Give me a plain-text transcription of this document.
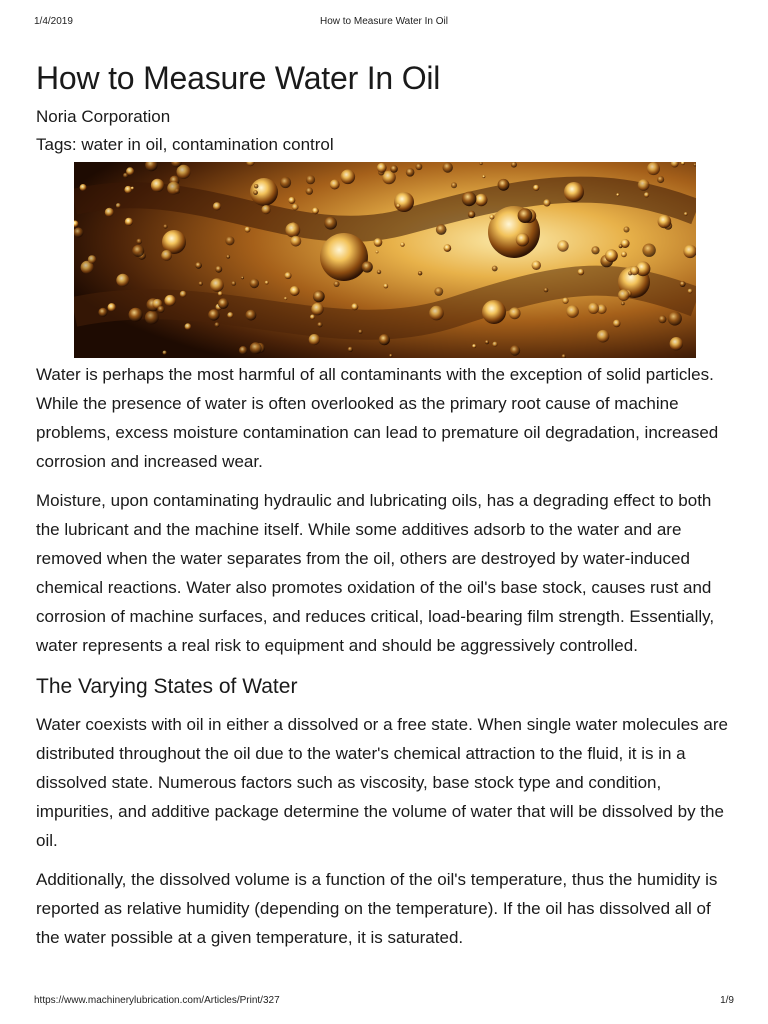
1/4/2019	How to Measure Water In Oil
How to Measure Water In Oil
Noria Corporation
Tags: water in oil, contamination control

Water is perhaps the most harmful of all contaminants with the exception of solid particles. While the presence of water is often overlooked as the primary root cause of machine problems, excess moisture contamination can lead to premature oil degradation, increased corrosion and increased wear.

Moisture, upon contaminating hydraulic and lubricating oils, has a degrading effect to both the lubricant and the machine itself. While some additives adsorb to the water and are removed when the water separates from the oil, others are destroyed by water-induced chemical reactions. Water also promotes oxidation of the oil's base stock, causes rust and corrosion of machine surfaces, and reduces critical, load-bearing film strength. Essentially, water represents a real risk to equipment and should be aggressively controlled.

The Varying States of Water

Water coexists with oil in either a dissolved or a free state. When single water molecules are distributed throughout the oil due to the water's chemical attraction to the fluid, it is in a dissolved state. Numerous factors such as viscosity, base stock type and condition, impurities, and additive package determine the volume of water that will be dissolved by the oil.

Additionally, the dissolved volume is a function of the oil's temperature, thus the humidity is reported as relative humidity (depending on the temperature). If the oil has dissolved all of the water possible at a given temperature, it is saturated.

https://www.machinerylubrication.com/Articles/Print/327	1/9
